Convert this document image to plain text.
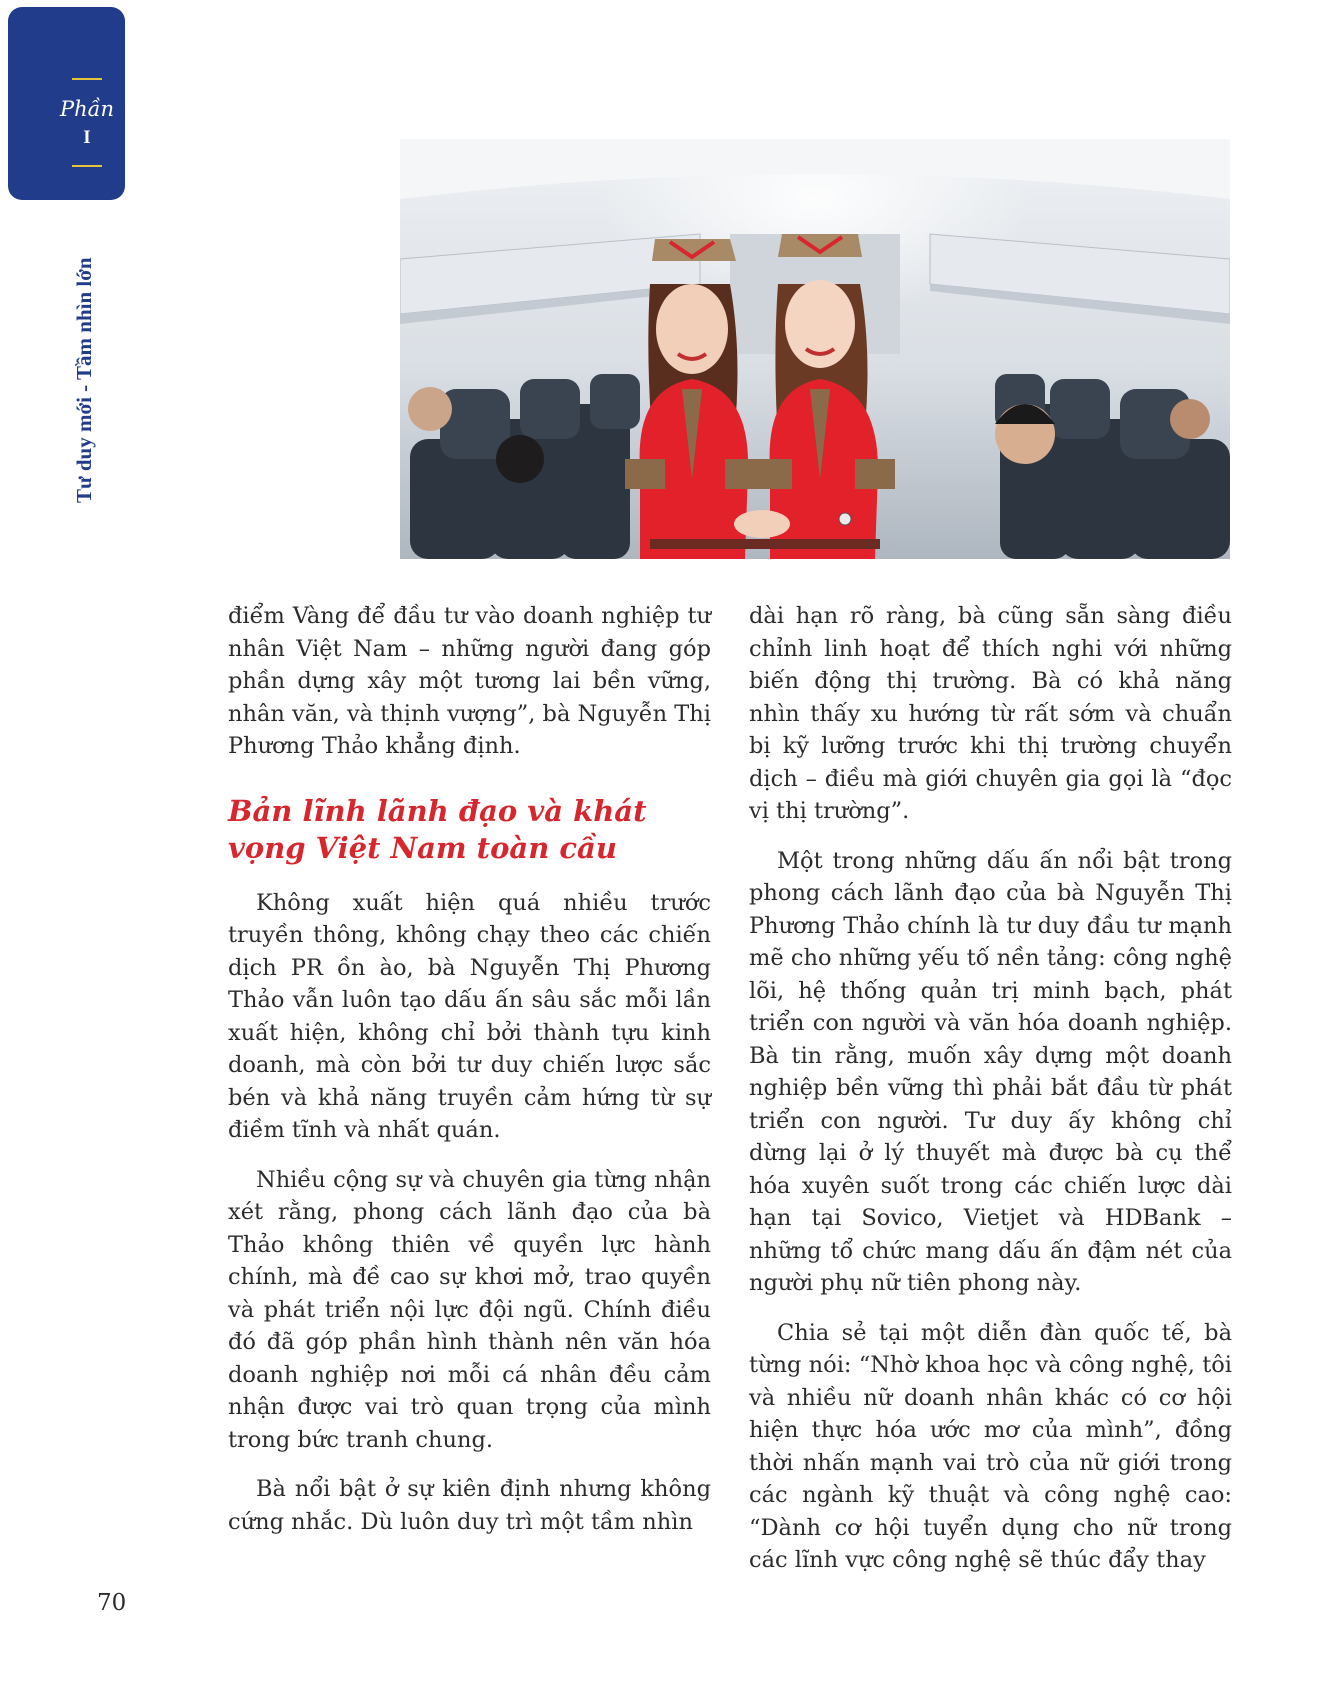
Phần
I
Tư duy mới - Tầm nhìn lớn

điểm Vàng để đầu tư vào doanh nghiệp tư nhân Việt Nam – những người đang góp phần dựng xây một tương lai bền vững, nhân văn, và thịnh vượng”, bà Nguyễn Thị Phương Thảo khẳng định.

Bản lĩnh lãnh đạo và khát vọng Việt Nam toàn cầu

Không xuất hiện quá nhiều trước truyền thông, không chạy theo các chiến dịch PR ồn ào, bà Nguyễn Thị Phương Thảo vẫn luôn tạo dấu ấn sâu sắc mỗi lần xuất hiện, không chỉ bởi thành tựu kinh doanh, mà còn bởi tư duy chiến lược sắc bén và khả năng truyền cảm hứng từ sự điềm tĩnh và nhất quán.

Nhiều cộng sự và chuyên gia từng nhận xét rằng, phong cách lãnh đạo của bà Thảo không thiên về quyền lực hành chính, mà đề cao sự khơi mở, trao quyền và phát triển nội lực đội ngũ. Chính điều đó đã góp phần hình thành nên văn hóa doanh nghiệp nơi mỗi cá nhân đều cảm nhận được vai trò quan trọng của mình trong bức tranh chung.

Bà nổi bật ở sự kiên định nhưng không cứng nhắc. Dù luôn duy trì một tầm nhìn

dài hạn rõ ràng, bà cũng sẵn sàng điều chỉnh linh hoạt để thích nghi với những biến động thị trường. Bà có khả năng nhìn thấy xu hướng từ rất sớm và chuẩn bị kỹ lưỡng trước khi thị trường chuyển dịch – điều mà giới chuyên gia gọi là “đọc vị thị trường”.

Một trong những dấu ấn nổi bật trong phong cách lãnh đạo của bà Nguyễn Thị Phương Thảo chính là tư duy đầu tư mạnh mẽ cho những yếu tố nền tảng: công nghệ lõi, hệ thống quản trị minh bạch, phát triển con người và văn hóa doanh nghiệp. Bà tin rằng, muốn xây dựng một doanh nghiệp bền vững thì phải bắt đầu từ phát triển con người. Tư duy ấy không chỉ dừng lại ở lý thuyết mà được bà cụ thể hóa xuyên suốt trong các chiến lược dài hạn tại Sovico, Vietjet và HDBank – những tổ chức mang dấu ấn đậm nét của người phụ nữ tiên phong này.

Chia sẻ tại một diễn đàn quốc tế, bà từng nói: “Nhờ khoa học và công nghệ, tôi và nhiều nữ doanh nhân khác có cơ hội hiện thực hóa ước mơ của mình”, đồng thời nhấn mạnh vai trò của nữ giới trong các ngành kỹ thuật và công nghệ cao: “Dành cơ hội tuyển dụng cho nữ trong các lĩnh vực công nghệ sẽ thúc đẩy thay

70
